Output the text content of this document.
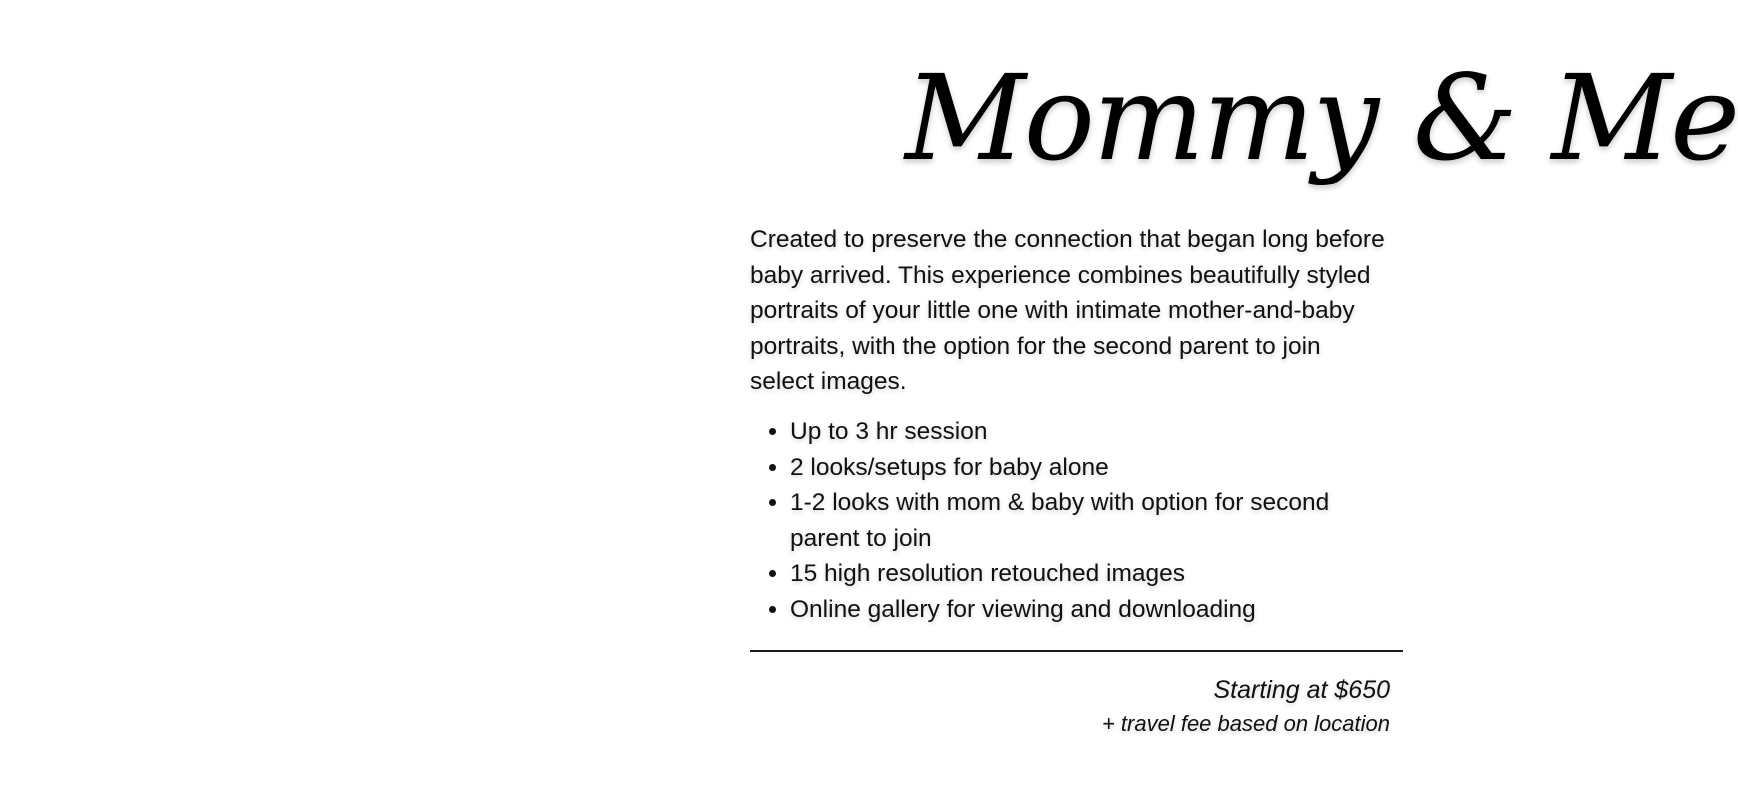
Mommy & Me

Created to preserve the connection that began long before baby arrived. This experience combines beautifully styled portraits of your little one with intimate mother-and-baby portraits, with the option for the second parent to join select images.

• Up to 3 hr session
• 2 looks/setups for baby alone
• 1-2 looks with mom & baby with option for second parent to join
• 15 high resolution retouched images
• Online gallery for viewing and downloading
Starting at $650
+ travel fee based on location
